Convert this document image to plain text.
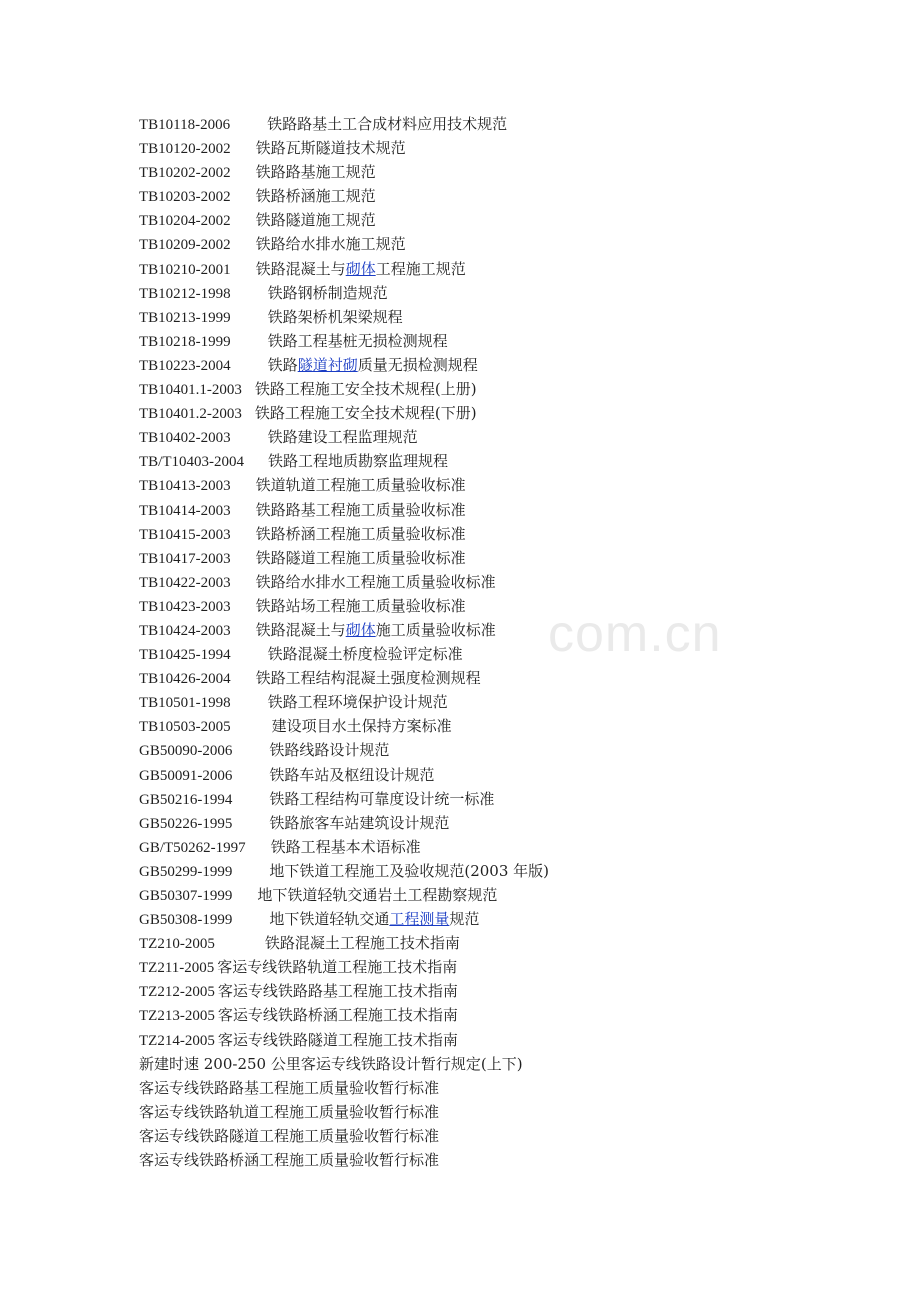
TB10118-2006 铁路路基土工合成材料应用技术规范
TB10120-2002 铁路瓦斯隧道技术规范
TB10202-2002 铁路路基施工规范
TB10203-2002 铁路桥涵施工规范
TB10204-2002 铁路隧道施工规范
TB10209-2002 铁路给水排水施工规范
TB10210-2001 铁路混凝土与砌体工程施工规范
TB10212-1998 铁路钢桥制造规范
TB10213-1999 铁路架桥机架梁规程
TB10218-1999 铁路工程基桩无损检测规程
TB10223-2004 铁路隧道衬砌质量无损检测规程
TB10401.1-2003 铁路工程施工安全技术规程(上册)
TB10401.2-2003 铁路工程施工安全技术规程(下册)
TB10402-2003 铁路建设工程监理规范
TB/T10403-2004 铁路工程地质勘察监理规程
TB10413-2003 铁道轨道工程施工质量验收标准
TB10414-2003 铁路路基工程施工质量验收标准
TB10415-2003 铁路桥涵工程施工质量验收标准
TB10417-2003 铁路隧道工程施工质量验收标准
TB10422-2003 铁路给水排水工程施工质量验收标准
TB10423-2003 铁路站场工程施工质量验收标准
TB10424-2003 铁路混凝土与砌体施工质量验收标准
TB10425-1994 铁路混凝土桥度检验评定标准
TB10426-2004 铁路工程结构混凝土强度检测规程
TB10501-1998 铁路工程环境保护设计规范
TB10503-2005	建设项目水土保持方案标准
GB50090-2006 铁路线路设计规范
GB50091-2006 铁路车站及枢纽设计规范
GB50216-1994 铁路工程结构可靠度设计统一标准
GB50226-1995 铁路旅客车站建筑设计规范
GB/T50262-1997 铁路工程基本术语标准
GB50299-1999 地下铁道工程施工及验收规范(2003 年版)
GB50307-1999 地下铁道轻轨交通岩土工程勘察规范
GB50308-1999 地下铁道轻轨交通工程测量规范
TZ210-2005	铁路混凝土工程施工技术指南
TZ211-2005 客运专线铁路轨道工程施工技术指南
TZ212-2005 客运专线铁路路基工程施工技术指南
TZ213-2005 客运专线铁路桥涵工程施工技术指南
TZ214-2005 客运专线铁路隧道工程施工技术指南
新建时速 200-250 公里客运专线铁路设计暂行规定(上下)
客运专线铁路路基工程施工质量验收暂行标准
客运专线铁路轨道工程施工质量验收暂行标准
客运专线铁路隧道工程施工质量验收暂行标准
客运专线铁路桥涵工程施工质量验收暂行标准
com.cn
